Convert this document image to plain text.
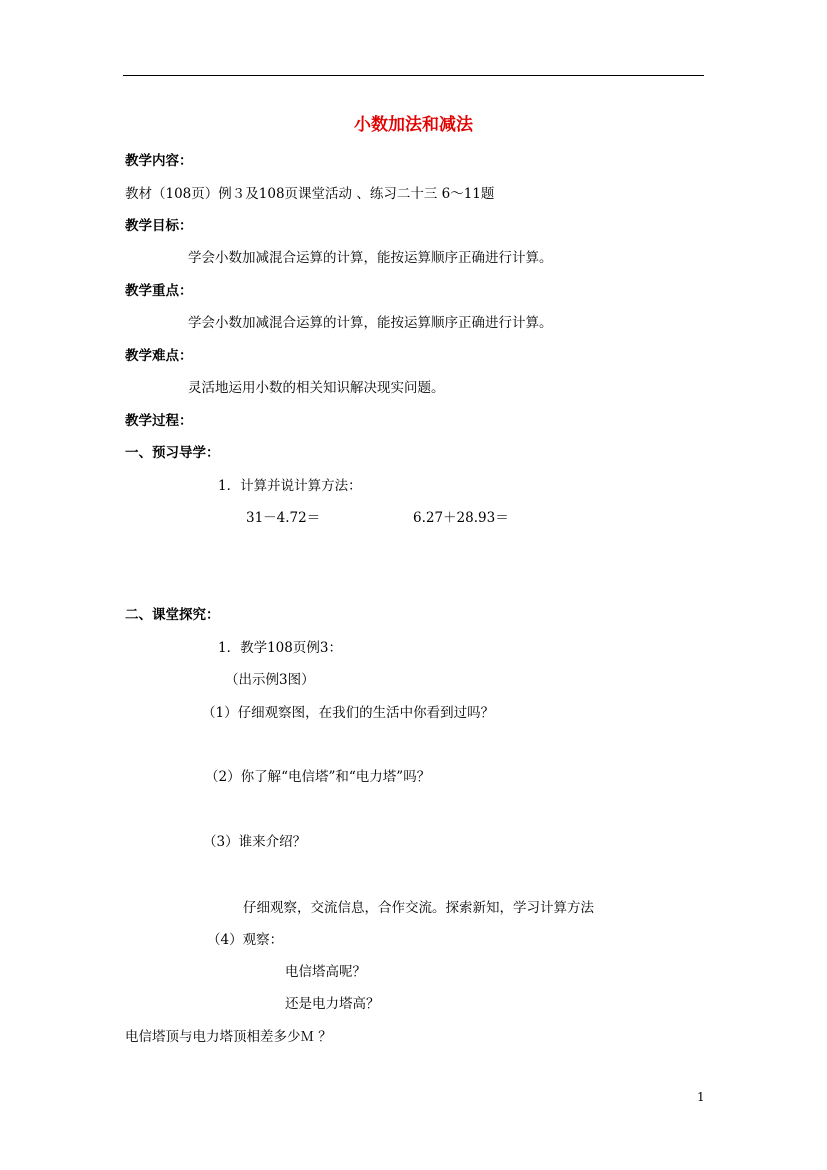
小数加法和减法
教学内容：
教材（108页）例３及108页课堂活动 、练习二十三 6～11题
教学目标：
学会小数加减混合运算的计算，能按运算顺序正确进行计算。
教学重点：
学会小数加减混合运算的计算，能按运算顺序正确进行计算。
教学难点：
灵活地运用小数的相关知识解决现实问题。
教学过程：
一、预习导学：
1．计算并说计算方法：
31－4.72＝	6.27＋28.93＝
二、课堂探究：
1．教学108页例3：
（出示例3图）
（1）仔细观察图，在我们的生活中你看到过吗？
（2）你了解“电信塔”和“电力塔”吗？
（3）谁来介绍？
仔细观察，交流信息，合作交流。探索新知，学习计算方法
（4）观察：
电信塔高呢？
还是电力塔高？
电信塔顶与电力塔顶相差多少Ｍ ？
1
